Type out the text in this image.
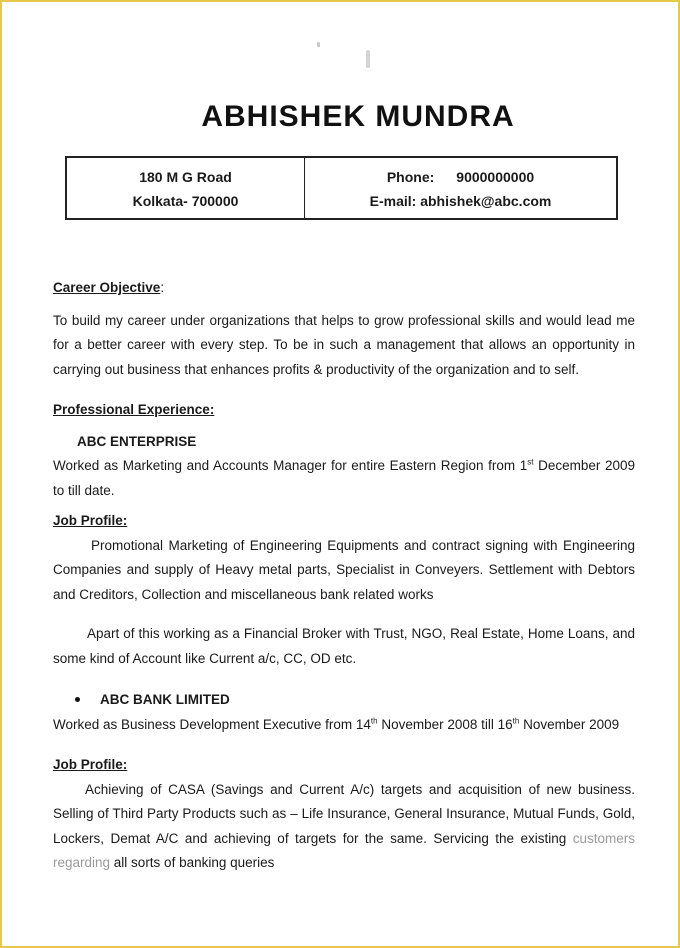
ABHISHEK MUNDRA
180 M G Road
Kolkata- 700000
Phone: 9000000000
E-mail: abhishek@abc.com

Career Objective:

To build my career under organizations that helps to grow professional skills and would lead me for a better career with every step. To be in such a management that allows an opportunity in carrying out business that enhances profits & productivity of the organization and to self.

Professional Experience:

ABC ENTERPRISE

Worked as Marketing and Accounts Manager for entire Eastern Region from 1st December 2009 to till date.

Job Profile:

Promotional Marketing of Engineering Equipments and contract signing with Engineering Companies and supply of Heavy metal parts, Specialist in Conveyers. Settlement with Debtors and Creditors, Collection and miscellaneous bank related works

Apart of this working as a Financial Broker with Trust, NGO, Real Estate, Home Loans, and some kind of Account like Current a/c, CC, OD etc.

ABC BANK LIMITED

Worked as Business Development Executive from 14th November 2008 till 16th November 2009

Job Profile:

Achieving of CASA (Savings and Current A/c) targets and acquisition of new business. Selling of Third Party Products such as – Life Insurance, General Insurance, Mutual Funds, Gold, Lockers, Demat A/C and achieving of targets for the same. Servicing the existing customers regarding all sorts of banking queries
